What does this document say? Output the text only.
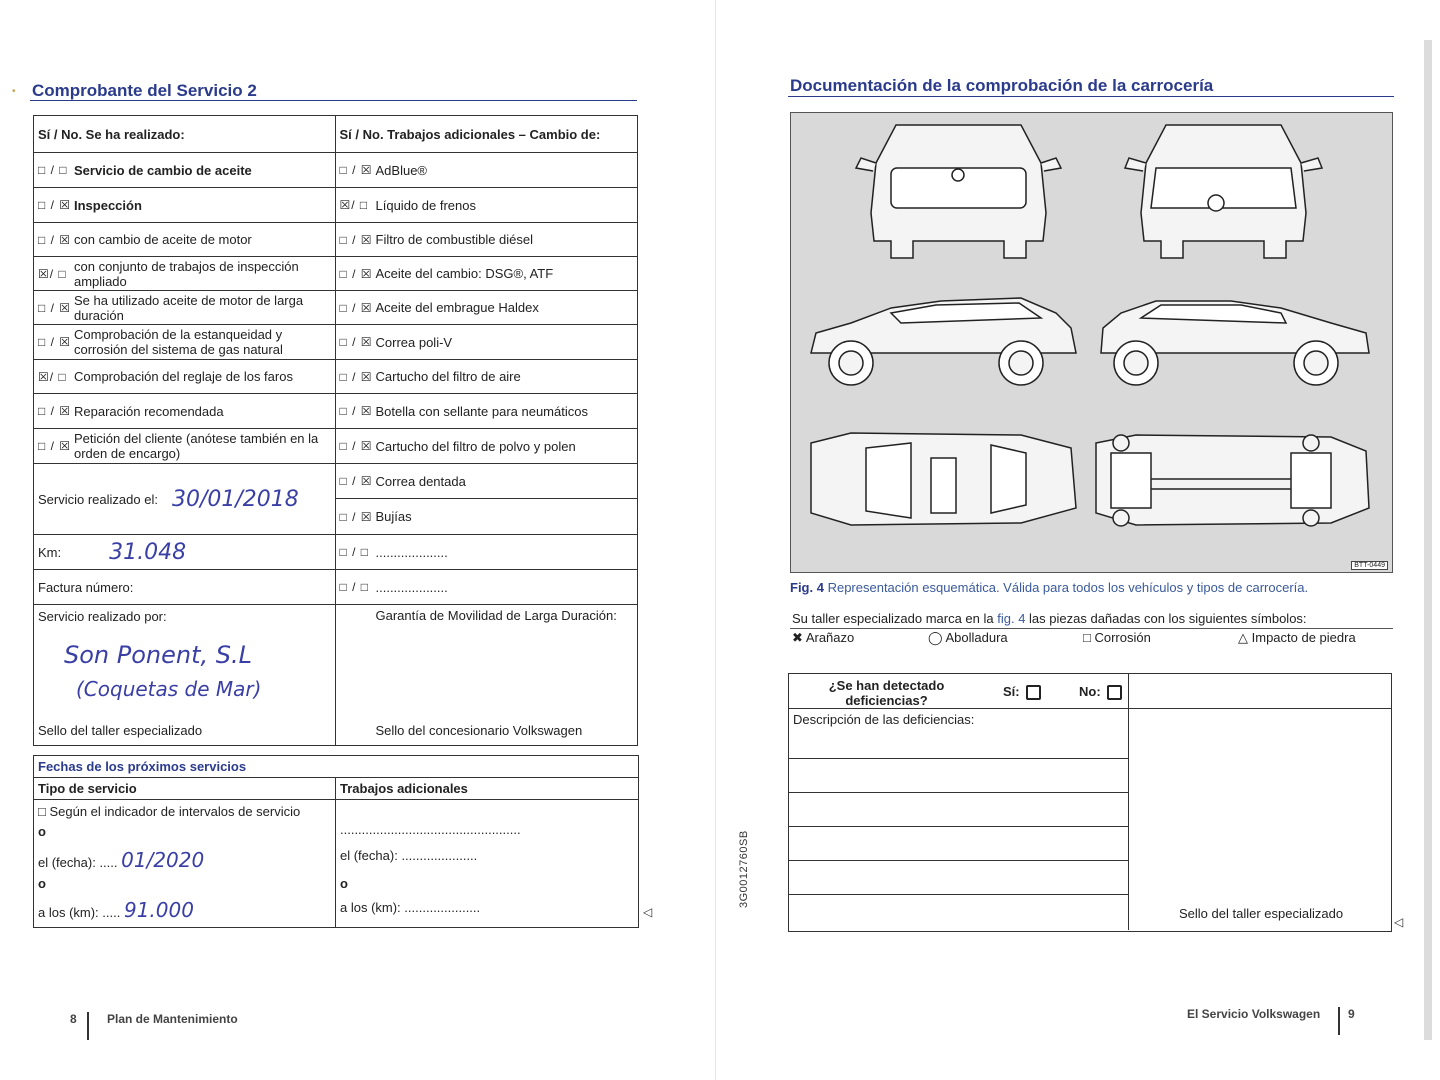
• Comprobante del Servicio 2
Sí / No. Se ha realizado:	Sí / No. Trabajos adicionales – Cambio de:
□ / □ Servicio de cambio de aceite	□ / ☒ AdBlue®
□ / ☒ Inspección	☒/ □ Líquido de frenos
□ / ☒ con cambio de aceite de motor	□ / ☒ Filtro de combustible diésel
☒/ □ con conjunto de trabajos de inspección ampliado	□ / ☒ Aceite del cambio: DSG®, ATF
□ / ☒ Se ha utilizado aceite de motor de larga duración	□ / ☒ Aceite del embrague Haldex
□ / ☒ Comprobación de la estanqueidad y corrosión del sistema de gas natural	□ / ☒ Correa poli-V
☒/ □ Comprobación del reglaje de los faros	□ / ☒ Cartucho del filtro de aire
□ / ☒ Reparación recomendada	□ / ☒ Botella con sellante para neumáticos
□ / ☒ Petición del cliente (anótese también en la orden de encargo)	□ / ☒ Cartucho del filtro de polvo y polen
Servicio realizado el: 30/01/2018
□ / ☒ Correa dentada
□ / ☒ Bujías
Km: 31.048	□ / □ ....................
Factura número:	□ / □ ....................
Servicio realizado por:
Son Ponent, S.L
(Coquetas de Mar)
Sello del taller especializado
Garantía de Movilidad de Larga Duración:
Sello del concesionario Volkswagen
Fechas de los próximos servicios
Tipo de servicio	Trabajos adicionales
□ Según el indicador de intervalos de servicio
o
el (fecha): ..... 01/2020
o
a los (km): ..... 91.000
..................................................
el (fecha): .....................
o
a los (km): .....................	◁
8	Plan de Mantenimiento
Documentación de la comprobación de la carrocería
BTT-0449
Fig. 4 Representación esquemática. Válida para todos los vehículos y tipos de carrocería.
Su taller especializado marca en la fig. 4 las piezas dañadas con los siguientes símbolos:
✖ Arañazo	◯ Abolladura	□ Corrosión	△ Impacto de piedra
¿Se han detectado deficiencias?
Sí:	No:
Descripción de las deficiencias:
Sello del taller especializado
◁
3G0012760SB
El Servicio Volkswagen 9
